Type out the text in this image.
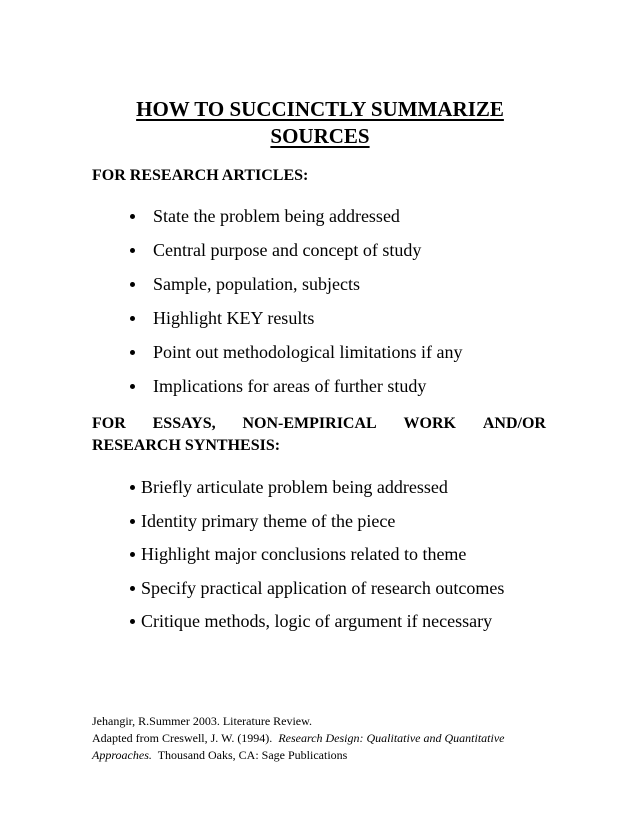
HOW TO SUCCINCTLY SUMMARIZE
SOURCES
FOR RESEARCH ARTICLES:
State the problem being addressed
Central purpose and concept of study
Sample, population, subjects
Highlight KEY results
Point out methodological limitations if any
Implications for areas of further study
FOR ESSAYS, NON-EMPIRICAL WORK AND/OR
RESEARCH SYNTHESIS:
Briefly articulate problem being addressed
Identity primary theme of the piece
Highlight major conclusions related to theme
Specify practical application of research outcomes
Critique methods, logic of argument if necessary
Jehangir, R.Summer 2003. Literature Review.
Adapted from Creswell, J. W. (1994). Research Design: Qualitative and Quantitative
Approaches. Thousand Oaks, CA: Sage Publications
